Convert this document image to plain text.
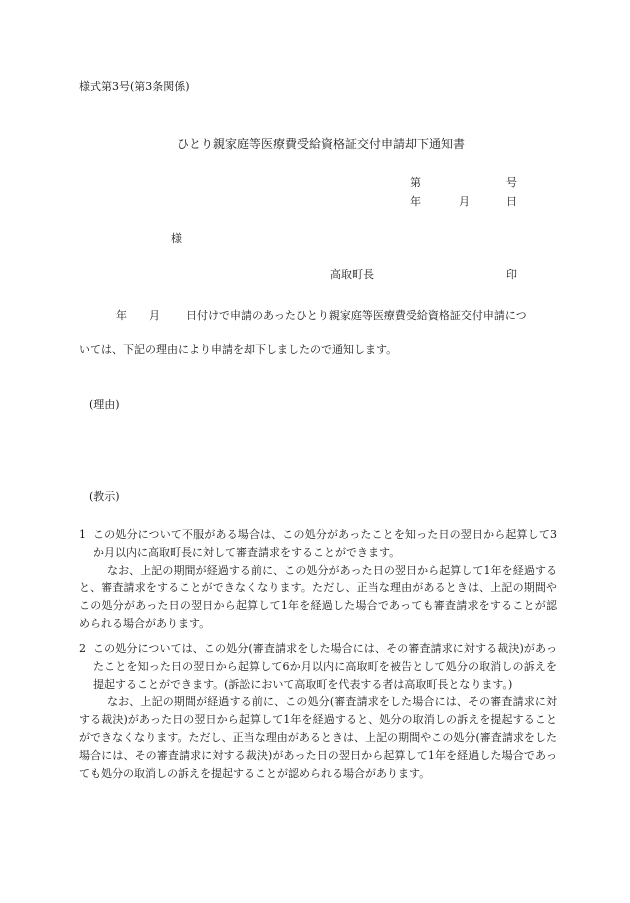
様式第3号(第3条関係)
ひとり親家庭等医療費受給資格証交付申請却下通知書
第	号
年	月	日
様
高取町長	印
年 月 日付けで申請のあったひとり親家庭等医療費受給資格証交付申請につ
いては、下記の理由により申請を却下しましたので通知します。
(理由)
(教示)

1 この処分について不服がある場合は、この処分があったことを知った日の翌日から起算して3か月以内に高取町長に対して審査請求をすることができます。

なお、上記の期間が経過する前に、この処分があった日の翌日から起算して1年を経過すると、審査請求をすることができなくなります。ただし、正当な理由があるときは、上記の期間やこの処分があった日の翌日から起算して1年を経過した場合であっても審査請求をすることが認められる場合があります。

2 この処分については、この処分(審査請求をした場合には、その審査請求に対する裁決)があったことを知った日の翌日から起算して6か月以内に高取町を被告として処分の取消しの訴えを提起することができます。(訴訟において高取町を代表する者は高取町長となります。)

なお、上記の期間が経過する前に、この処分(審査請求をした場合には、その審査請求に対する裁決)があった日の翌日から起算して1年を経過すると、処分の取消しの訴えを提起することができなくなります。ただし、正当な理由があるときは、上記の期間やこの処分(審査請求をした場合には、その審査請求に対する裁決)があった日の翌日から起算して1年を経過した場合であっても処分の取消しの訴えを提起することが認められる場合があります。
